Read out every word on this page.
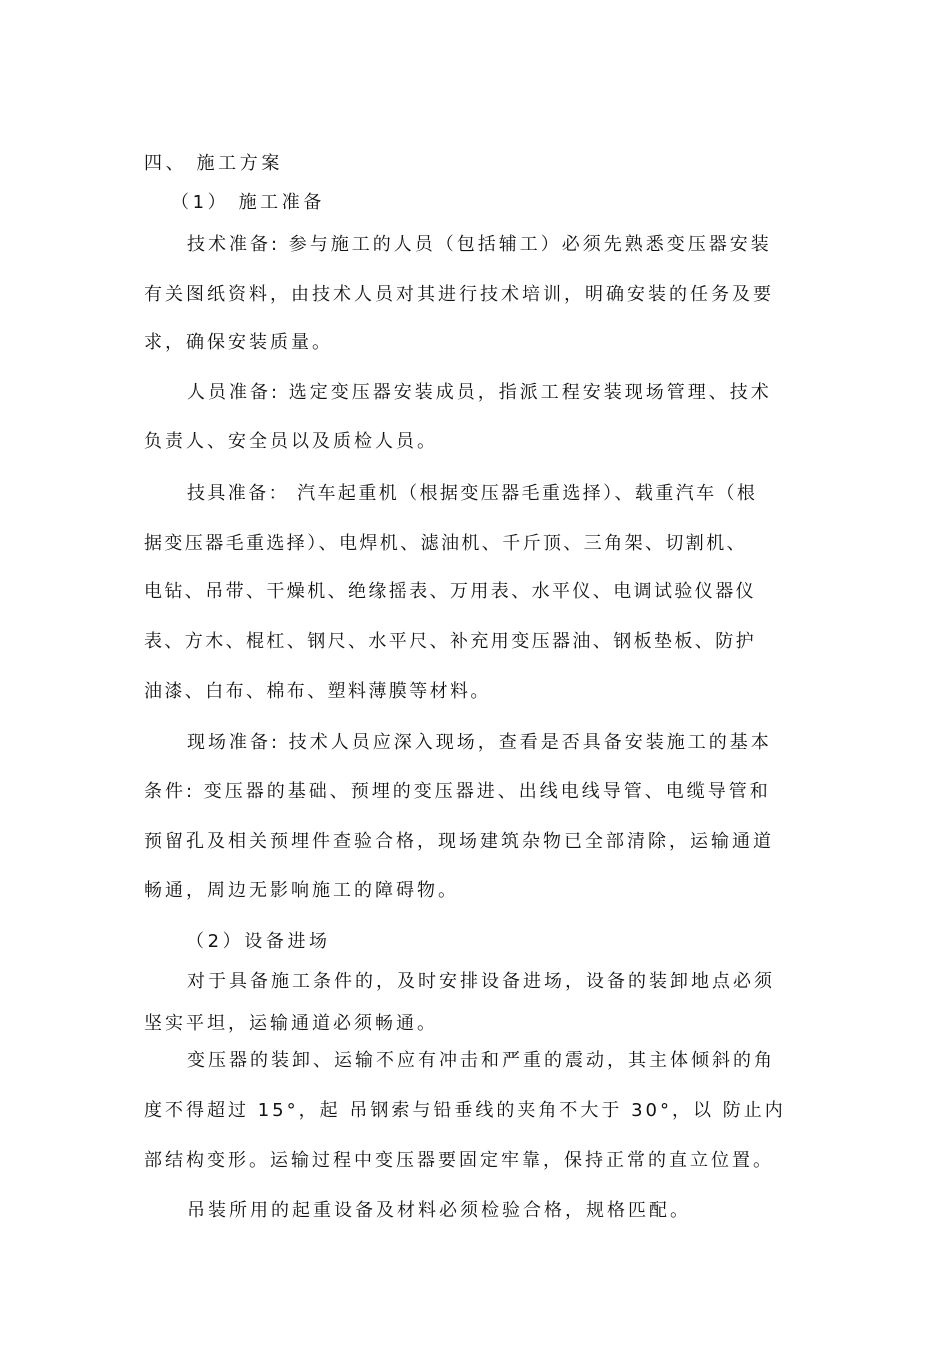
四、 施工方案
（1） 施工准备
技术准备: 参与施工的人员（包括辅工）必须先熟悉变压器安装
有关图纸资料，由技术人员对其进行技术培训，明确安装的任务及要
求，确保安装质量。
人员准备: 选定变压器安装成员，指派工程安装现场管理、技术
负责人、安全员以及质检人员。
技具准备： 汽车起重机（根据变压器毛重选择）、载重汽车（根
据变压器毛重选择）、电焊机、滤油机、千斤顶、三角架、切割机、
电钻、吊带、干燥机、绝缘摇表、万用表、水平仪、电调试验仪器仪
表、方木、棍杠、钢尺、水平尺、补充用变压器油、钢板垫板、防护
油漆、白布、棉布、塑料薄膜等材料。
现场准备: 技术人员应深入现场，查看是否具备安装施工的基本
条件: 变压器的基础、预埋的变压器进、出线电线导管、电缆导管和
预留孔及相关预埋件查验合格，现场建筑杂物已全部清除，运输通道
畅通，周边无影响施工的障碍物。
（2）设备进场
对于具备施工条件的，及时安排设备进场，设备的装卸地点必须
坚实平坦，运输通道必须畅通。
变压器的装卸、运输不应有冲击和严重的震动，其主体倾斜的角
度不得超过 15°，起 吊钢索与铅垂线的夹角不大于 30°，以 防止内
部结构变形。运输过程中变压器要固定牢靠，保持正常的直立位置。
吊装所用的起重设备及材料必须检验合格，规格匹配。
